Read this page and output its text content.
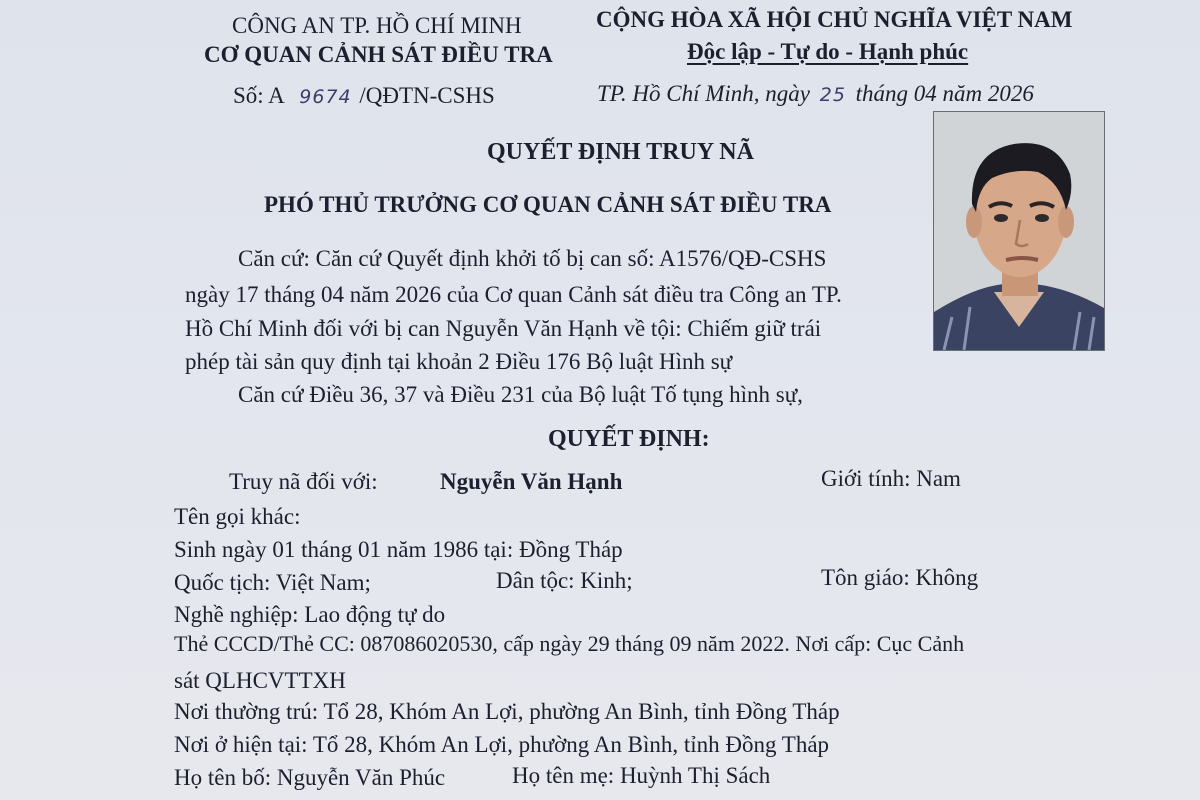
CÔNG AN TP. HỒ CHÍ MINH
CƠ QUAN CẢNH SÁT ĐIỀU TRA
Số: A 9674 /QĐTN-CSHS
CỘNG HÒA XÃ HỘI CHỦ NGHĨA VIỆT NAM
Độc lập - Tự do - Hạnh phúc
TP. Hồ Chí Minh, ngày 25 tháng 04 năm 2026
QUYẾT ĐỊNH TRUY NÃ
PHÓ THỦ TRƯỞNG CƠ QUAN CẢNH SÁT ĐIỀU TRA
Căn cứ: Căn cứ Quyết định khởi tố bị can số: A1576/QĐ-CSHS
ngày 17 tháng 04 năm 2026 của Cơ quan Cảnh sát điều tra Công an TP.
Hồ Chí Minh đối với bị can Nguyễn Văn Hạnh về tội: Chiếm giữ trái
phép tài sản quy định tại khoản 2 Điều 176 Bộ luật Hình sự
Căn cứ Điều 36, 37 và Điều 231 của Bộ luật Tố tụng hình sự,
QUYẾT ĐỊNH:
Truy nã đối với:	Nguyễn Văn Hạnh	Giới tính: Nam
Tên gọi khác:
Sinh ngày 01 tháng 01 năm 1986 tại: Đồng Tháp
Quốc tịch: Việt Nam;	Dân tộc: Kinh;	Tôn giáo: Không
Nghề nghiệp: Lao động tự do
Thẻ CCCD/Thẻ CC: 087086020530, cấp ngày 29 tháng 09 năm 2022. Nơi cấp: Cục Cảnh
sát QLHCVTTXH
Nơi thường trú: Tổ 28, Khóm An Lợi, phường An Bình, tỉnh Đồng Tháp
Nơi ở hiện tại: Tổ 28, Khóm An Lợi, phường An Bình, tỉnh Đồng Tháp
Họ tên bố: Nguyễn Văn Phúc	Họ tên mẹ: Huỳnh Thị Sách
